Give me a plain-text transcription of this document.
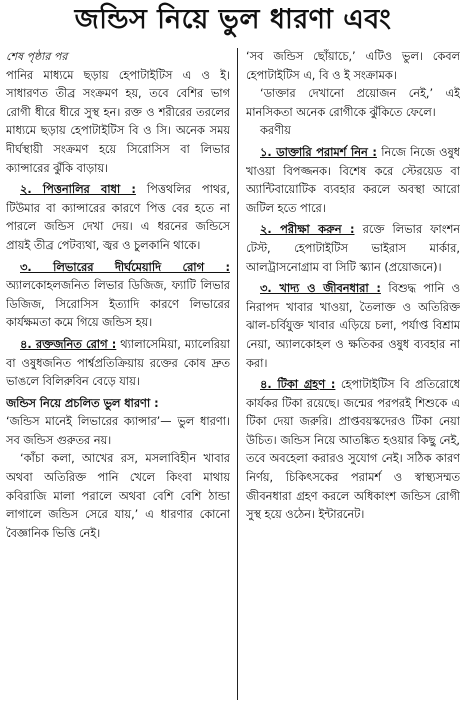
জন্ডিস নিয়ে ভুল ধারণা এবং

শেষ পৃষ্ঠার পর

পানির মাধ্যমে ছড়ায় হেপাটাইটিস এ ও ই। সাধারণত তীব্র সংক্রমণ হয়, তবে বেশির ভাগ রোগী ধীরে ধীরে সুস্থ হন। রক্ত ও শরীরের তরলের মাধ্যমে ছড়ায় হেপাটাইটিস বি ও সি। অনেক সময় দীর্ঘস্থায়ী সংক্রমণ হয়ে সিরোসিস বা লিভার ক্যান্সারের ঝুঁকি বাড়ায়।

২. পিত্তনালির বাধা : পিত্তথলির পাথর, টিউমার বা ক্যান্সারের কারণে পিত্ত বের হতে না পারলে জন্ডিস দেখা দেয়। এ ধরনের জন্ডিসে প্রায়ই তীব্র পেটব্যথা, জ্বর ও চুলকানি থাকে।

৩. লিভারের দীর্ঘমেয়াদি রোগ : অ্যালকোহলজনিত লিভার ডিজিজ, ফ্যাটি লিভার ডিজিজ, সিরোসিস ইত্যাদি কারণে লিভারের কার্যক্ষমতা কমে গিয়ে জন্ডিস হয়।

৪. রক্তজনিত রোগ : থ্যালাসেমিয়া, ম্যালেরিয়া বা ওষুধজনিত পার্শ্বপ্রতিক্রিয়ায় রক্তের কোষ দ্রুত ভাঙলে বিলিরুবিন বেড়ে যায়।

জন্ডিস নিয়ে প্রচলিত ভুল ধারণা :

‘জন্ডিস মানেই লিভারের ক্যান্সার’— ভুল ধারণা। সব জন্ডিস গুরুতর নয়।

‘কাঁচা কলা, আখের রস, মসলাবিহীন খাবার অথবা অতিরিক্ত পানি খেলে কিংবা মাথায় কবিরাজি মালা পরালে অথবা বেশি বেশি ঠান্ডা লাগালে জন্ডিস সেরে যায়,’ এ ধারণার কোনো বৈজ্ঞানিক ভিত্তি নেই।

‘সব জন্ডিস ছোঁয়াচে,’ এটিও ভুল। কেবল হেপাটাইটিস এ, বি ও ই সংক্রামক।

‘ডাক্তার দেখানো প্রয়োজন নেই,’ এই মানসিকতা অনেক রোগীকে ঝুঁকিতে ফেলে।

করণীয়

১. ডাক্তারি পরামর্শ নিন : নিজে নিজে ওষুধ খাওয়া বিপজ্জনক। বিশেষ করে স্টেরয়েড বা অ্যান্টিবায়োটিক ব্যবহার করলে অবস্থা আরো জটিল হতে পারে।

২. পরীক্ষা করুন : রক্তে লিভার ফাংশন টেস্ট, হেপাটাইটিস ভাইরাস মার্কার, আলট্রাসনোগ্রাম বা সিটি স্ক্যান (প্রয়োজনে)।

৩. খাদ্য ও জীবনধারা : বিশুদ্ধ পানি ও নিরাপদ খাবার খাওয়া, তৈলাক্ত ও অতিরিক্ত ঝাল-চর্বিযুক্ত খাবার এড়িয়ে চলা, পর্যাপ্ত বিশ্রাম নেয়া, অ্যালকোহল ও ক্ষতিকর ওষুধ ব্যবহার না করা।

৪. টিকা গ্রহণ : হেপাটাইটিস বি প্রতিরোধে কার্যকর টিকা রয়েছে। জন্মের পরপরই শিশুকে এ টিকা দেয়া জরুরি। প্রাপ্তবয়স্কদেরও টিকা নেয়া উচিত। জন্ডিস নিয়ে আতঙ্কিত হওয়ার কিছু নেই, তবে অবহেলা করারও সুযোগ নেই। সঠিক কারণ নির্ণয়, চিকিৎসকের পরামর্শ ও স্বাস্থ্যসম্মত জীবনধারা গ্রহণ করলে অধিকাংশ জন্ডিস রোগী সুস্থ হয়ে ওঠেন। ইন্টারনেট।
